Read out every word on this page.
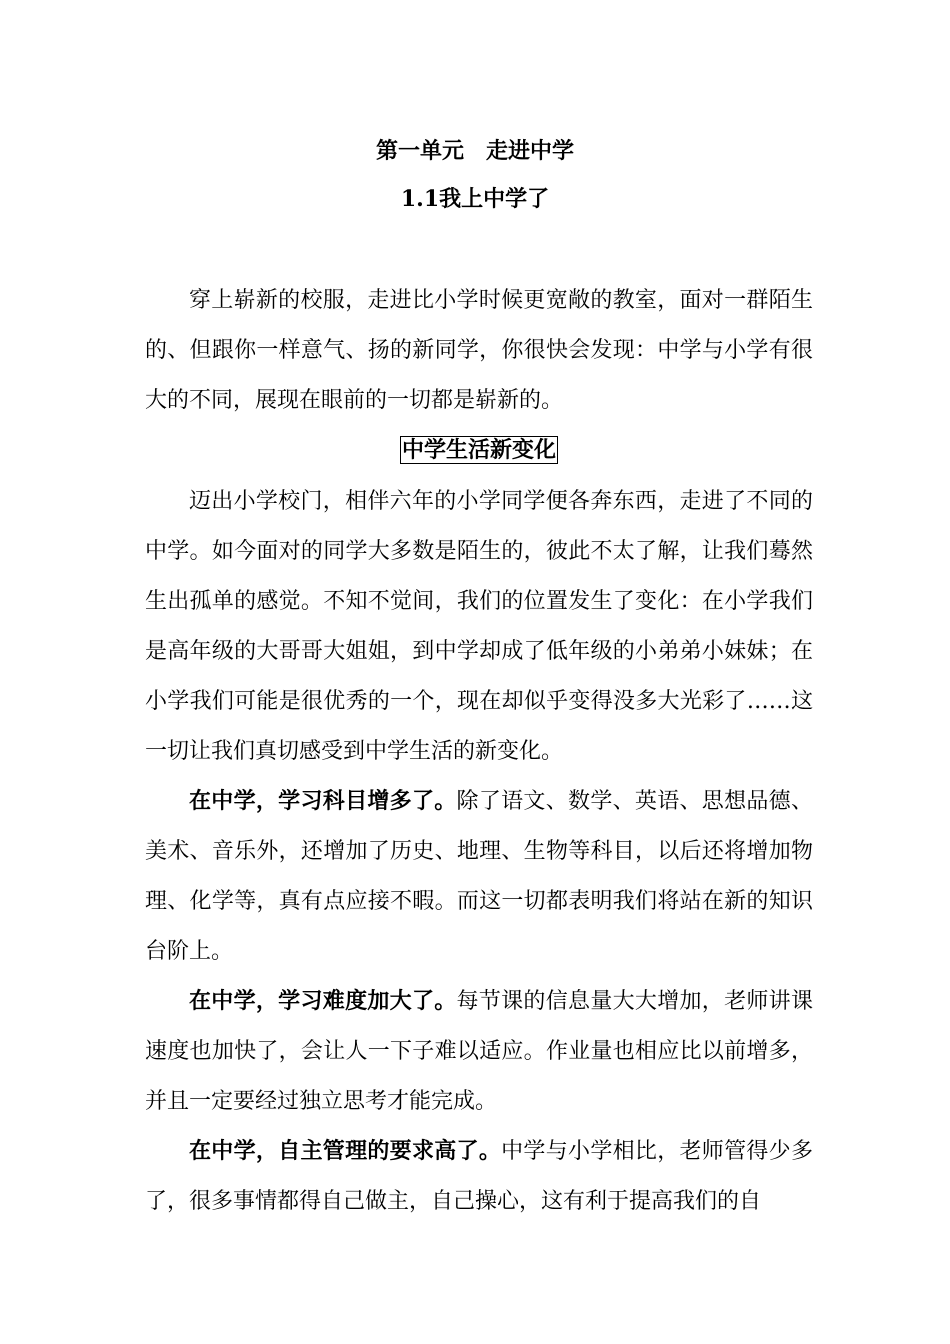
第一单元 走进中学
1.1我上中学了

穿上崭新的校服，走进比小学时候更宽敞的教室，面对一群陌生的、但跟你一样意气、扬的新同学，你很快会发现：中学与小学有很大的不同，展现在眼前的一切都是崭新的。

中学生活新变化

迈出小学校门，相伴六年的小学同学便各奔东西，走进了不同的中学。如今面对的同学大多数是陌生的，彼此不太了解，让我们蓦然生出孤单的感觉。不知不觉间，我们的位置发生了变化：在小学我们是高年级的大哥哥大姐姐，到中学却成了低年级的小弟弟小妹妹；在小学我们可能是很优秀的一个，现在却似乎变得没多大光彩了……这一切让我们真切感受到中学生活的新变化。

在中学，学习科目增多了。除了语文、数学、英语、思想品德、美术、音乐外，还增加了历史、地理、生物等科目，以后还将增加物理、化学等，真有点应接不暇。而这一切都表明我们将站在新的知识台阶上。

在中学，学习难度加大了。每节课的信息量大大增加，老师讲课速度也加快了，会让人一下子难以适应。作业量也相应比以前增多，并且一定要经过独立思考才能完成。

在中学，自主管理的要求高了。中学与小学相比，老师管得少多了，很多事情都得自己做主，自己操心，这有利于提高我们的自
